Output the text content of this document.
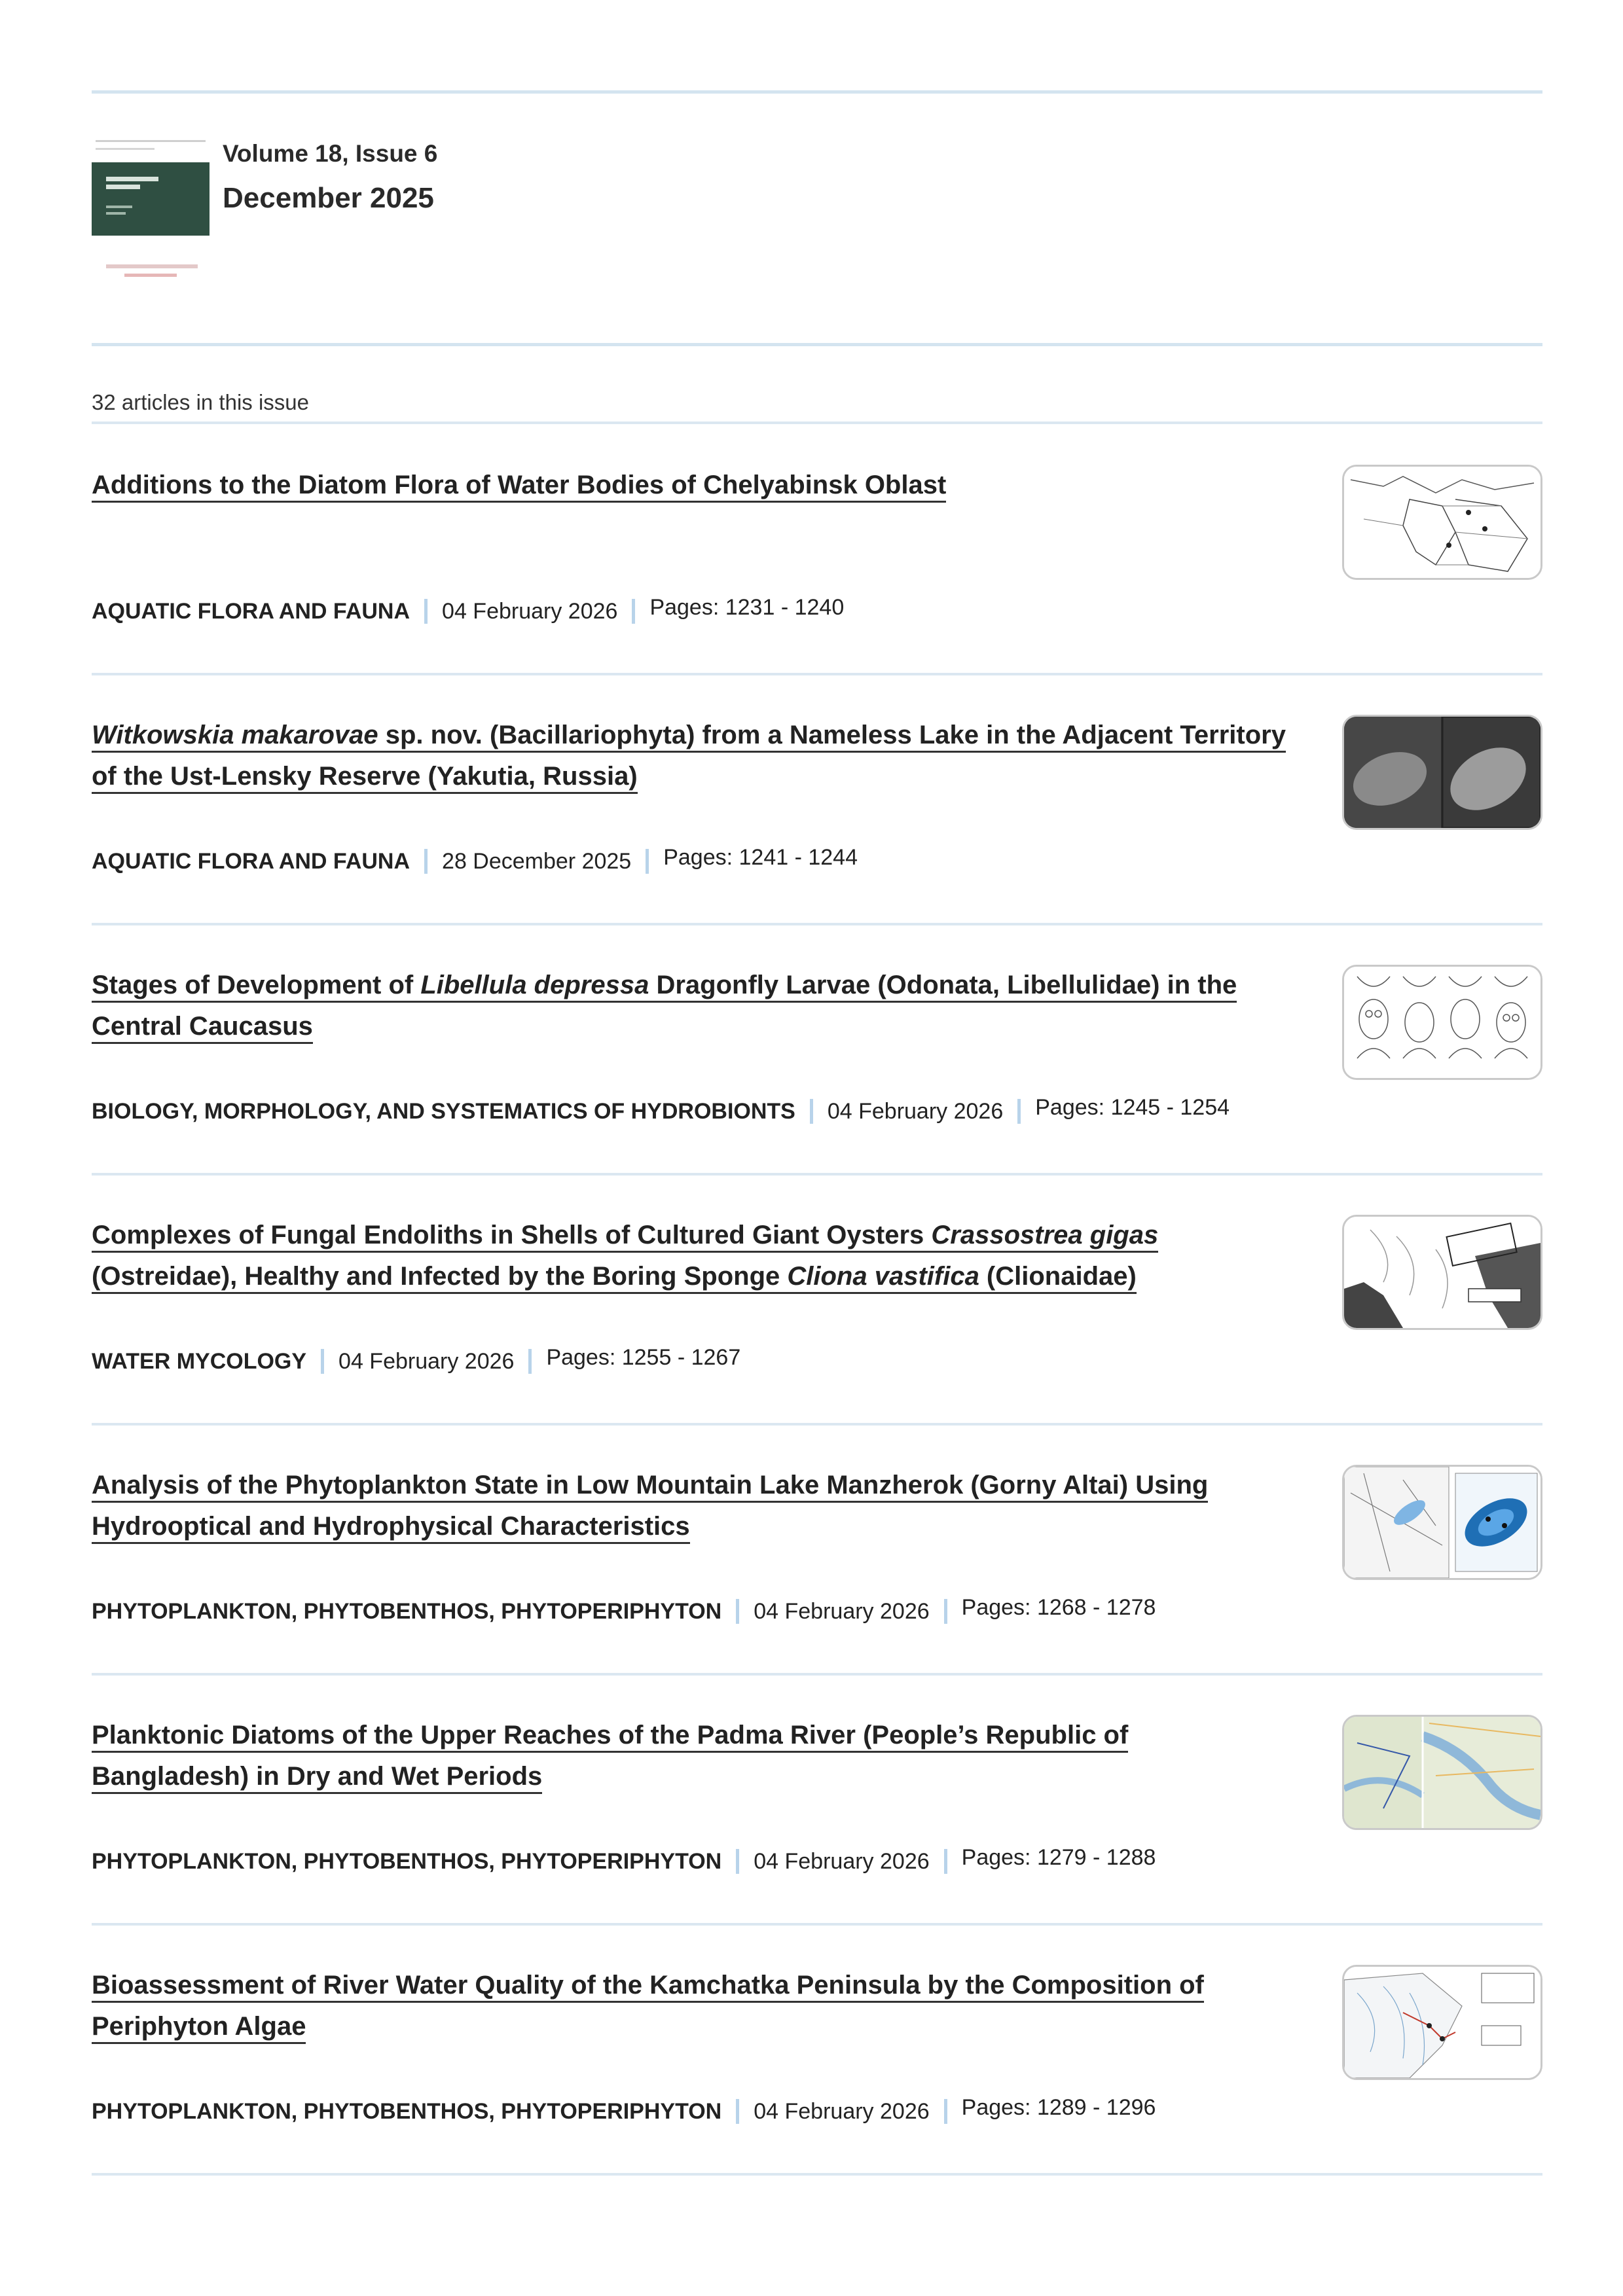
Volume 18, Issue 6
December 2025
32 articles in this issue
Additions to the Diatom Flora of Water Bodies of Chelyabinsk Oblast
AQUATIC FLORA AND FAUNA 04 February 2026 Pages: 1231 - 1240
Witkowskia makarovae sp. nov. (Bacillariophyta) from a Nameless Lake in the Adjacent Territory of the Ust-Lensky Reserve (Yakutia, Russia)
AQUATIC FLORA AND FAUNA 28 December 2025 Pages: 1241 - 1244
Stages of Development of Libellula depressa Dragonfly Larvae (Odonata, Libellulidae) in the Central Caucasus
BIOLOGY, MORPHOLOGY, AND SYSTEMATICS OF HYDROBIONTS 04 February 2026 Pages: 1245 - 1254
Complexes of Fungal Endoliths in Shells of Cultured Giant Oysters Crassostrea gigas (Ostreidae), Healthy and Infected by the Boring Sponge Cliona vastifica (Clionaidae)
WATER MYCOLOGY 04 February 2026 Pages: 1255 - 1267
Analysis of the Phytoplankton State in Low Mountain Lake Manzherok (Gorny Altai) Using Hydrooptical and Hydrophysical Characteristics
PHYTOPLANKTON, PHYTOBENTHOS, PHYTOPERIPHYTON 04 February 2026 Pages: 1268 - 1278
Planktonic Diatoms of the Upper Reaches of the Padma River (People’s Republic of Bangladesh) in Dry and Wet Periods
PHYTOPLANKTON, PHYTOBENTHOS, PHYTOPERIPHYTON 04 February 2026 Pages: 1279 - 1288
Bioassessment of River Water Quality of the Kamchatka Peninsula by the Composition of Periphyton Algae
PHYTOPLANKTON, PHYTOBENTHOS, PHYTOPERIPHYTON 04 February 2026 Pages: 1289 - 1296
